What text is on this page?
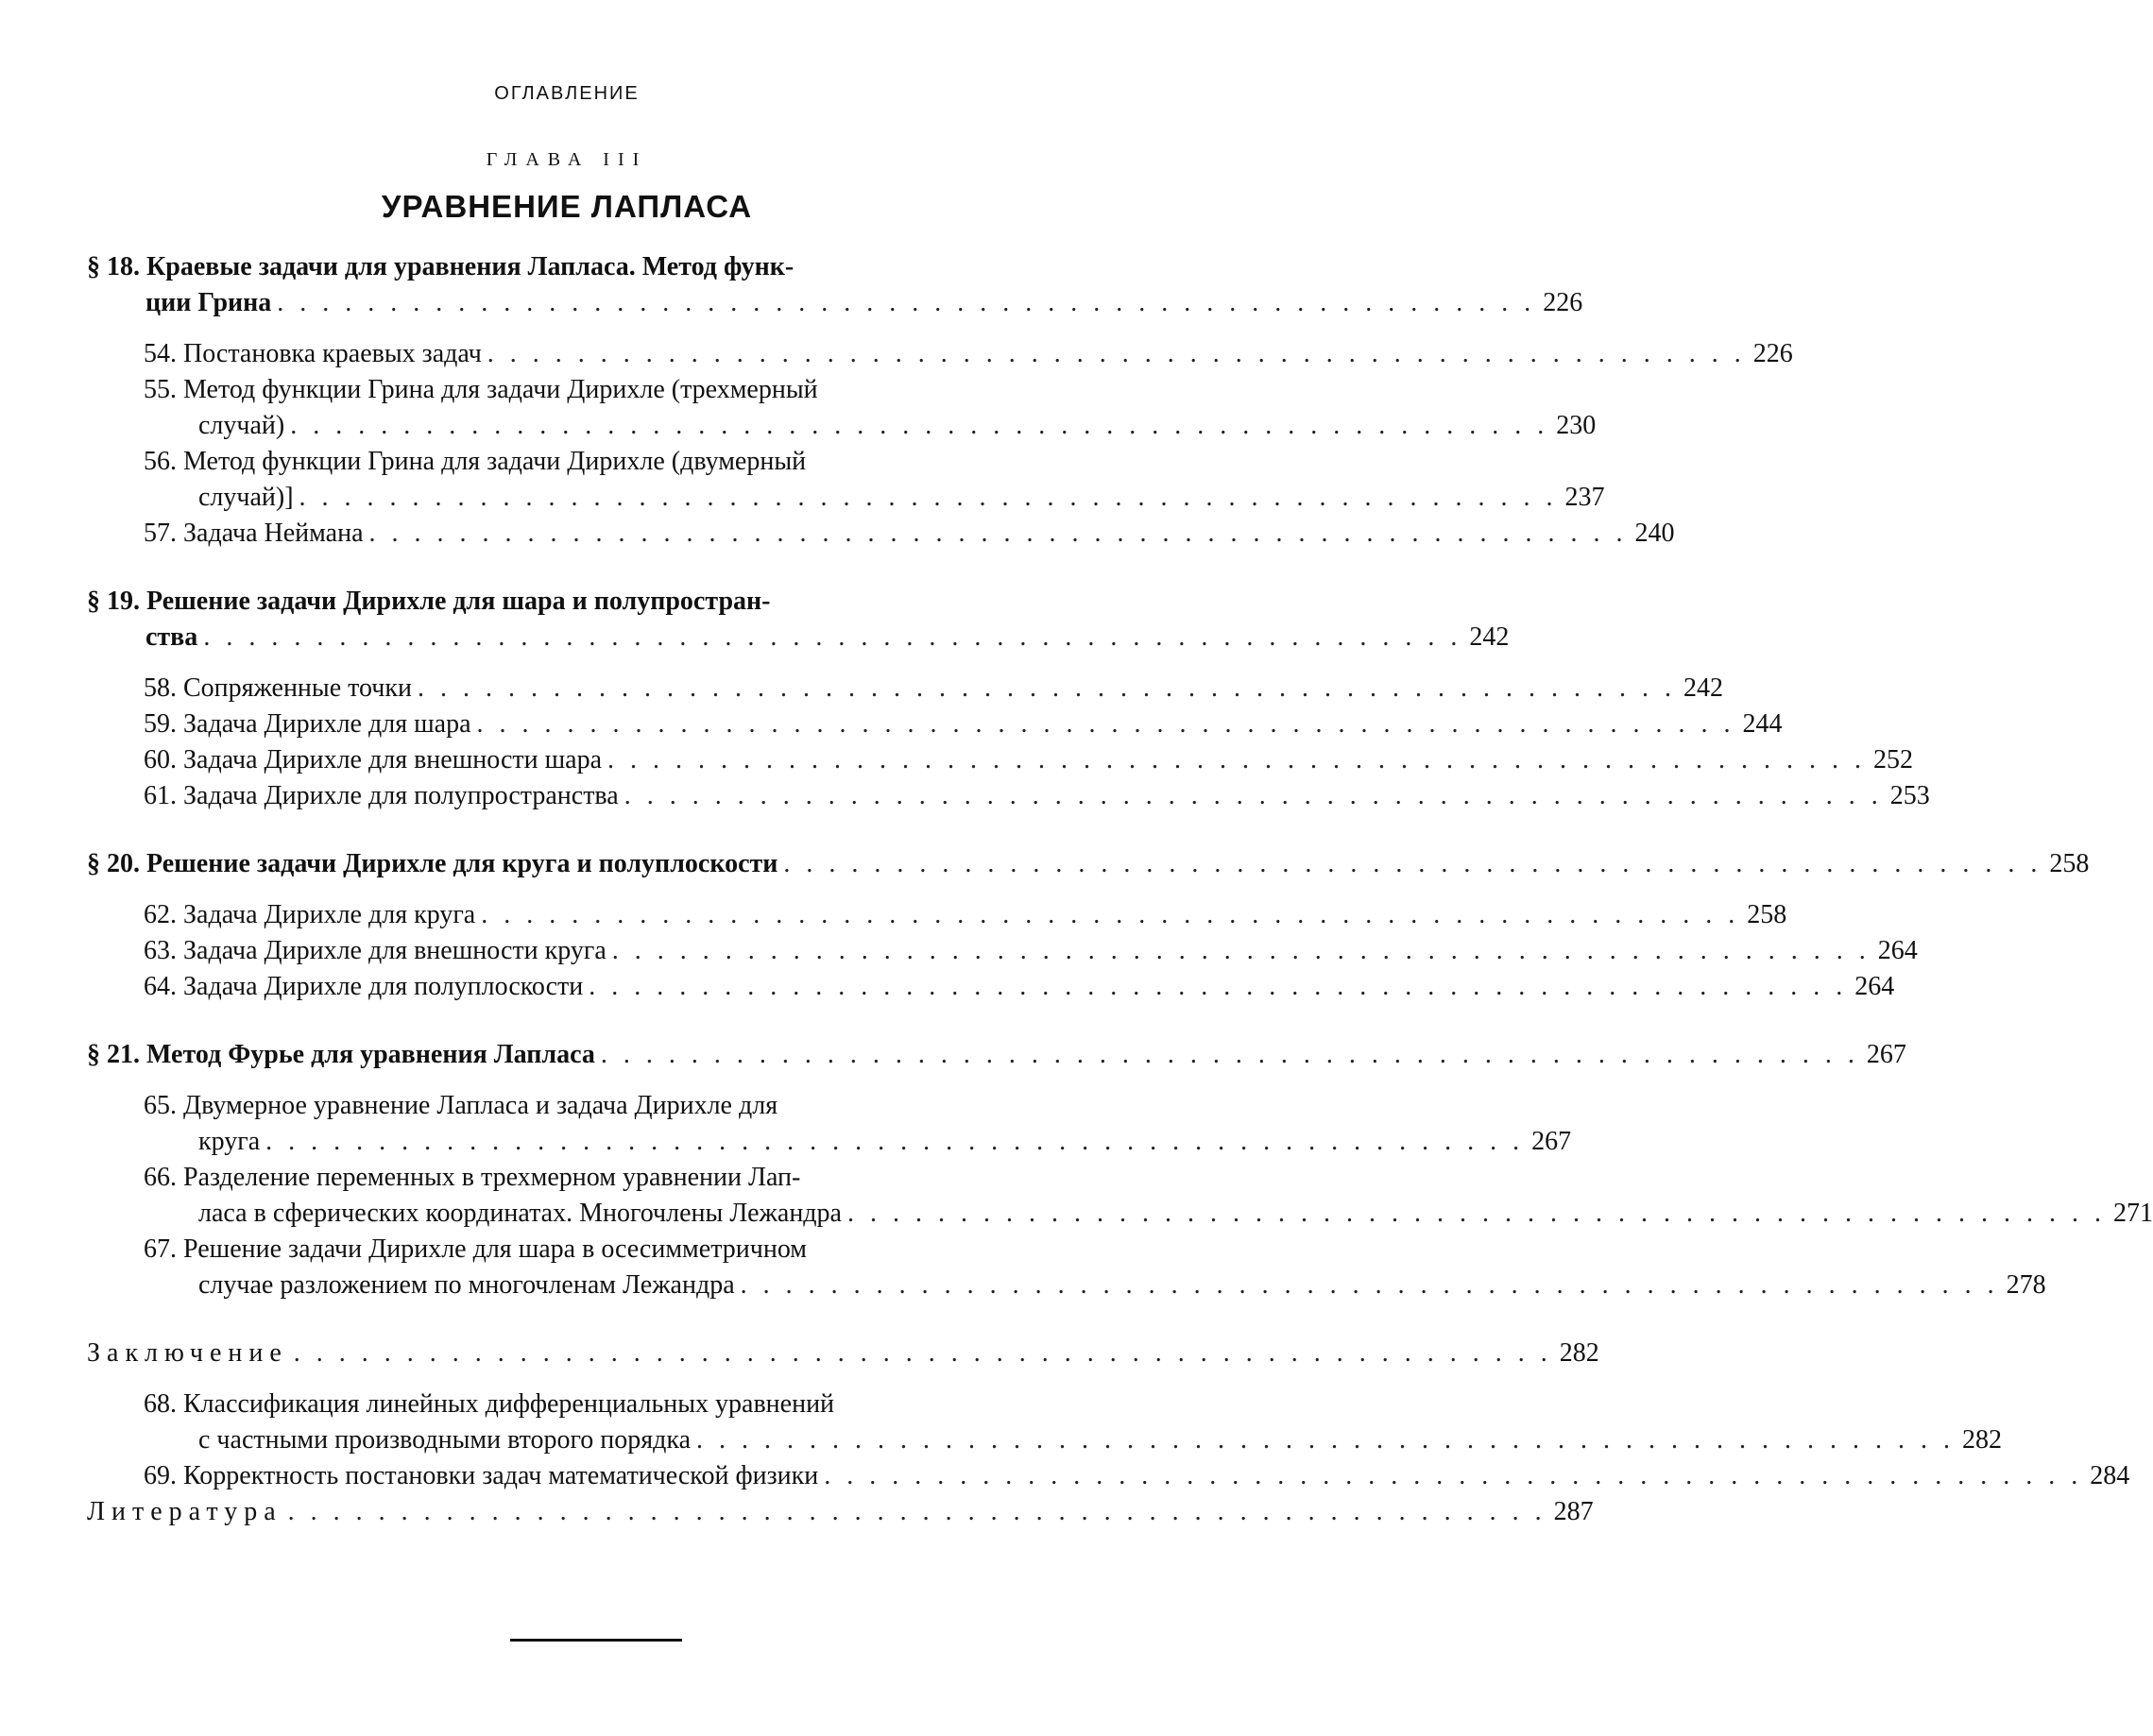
ОГЛАВЛЕНИЕ
ГЛАВА III
УРАВНЕНИЕ ЛАПЛАСА
§ 18. Краевые задачи для уравнения Лапласа. Метод функ-
ции Грина . . . . . . . . . . . . . . . . . . . . . . . . . . . . . . . . . . . . . . . . . . . . . . . . . . . . . . . . 226
54. Постановка краевых задач . . . . . . . . . . . . . . . . . . . . . . . . . . . . . . . . . . . . . . . . . . . . . . . . . . . . . . . . 226
55. Метод функции Грина для задачи Дирихле (трехмерный
случай) . . . . . . . . . . . . . . . . . . . . . . . . . . . . . . . . . . . . . . . . . . . . . . . . . . . . . . . . 230
56. Метод функции Грина для задачи Дирихле (двумерный
случай)] . . . . . . . . . . . . . . . . . . . . . . . . . . . . . . . . . . . . . . . . . . . . . . . . . . . . . . . . 237
57. Задача Неймана . . . . . . . . . . . . . . . . . . . . . . . . . . . . . . . . . . . . . . . . . . . . . . . . . . . . . . . . 240
§ 19. Решение задачи Дирихле для шара и полупростран-
ства . . . . . . . . . . . . . . . . . . . . . . . . . . . . . . . . . . . . . . . . . . . . . . . . . . . . . . . . 242
58. Сопряженные точки . . . . . . . . . . . . . . . . . . . . . . . . . . . . . . . . . . . . . . . . . . . . . . . . . . . . . . . . 242
59. Задача Дирихле для шара . . . . . . . . . . . . . . . . . . . . . . . . . . . . . . . . . . . . . . . . . . . . . . . . . . . . . . . . 244
60. Задача Дирихле для внешности шара . . . . . . . . . . . . . . . . . . . . . . . . . . . . . . . . . . . . . . . . . . . . . . . . . . . . . . . . 252
61. Задача Дирихле для полупространства . . . . . . . . . . . . . . . . . . . . . . . . . . . . . . . . . . . . . . . . . . . . . . . . . . . . . . . . 253
§ 20. Решение задачи Дирихле для круга и полуплоскости . . . . . . . . . . . . . . . . . . . . . . . . . . . . . . . . . . . . . . . . . . . . . . . . . . . . . . . . 258
62. Задача Дирихле для круга . . . . . . . . . . . . . . . . . . . . . . . . . . . . . . . . . . . . . . . . . . . . . . . . . . . . . . . . 258
63. Задача Дирихле для внешности круга . . . . . . . . . . . . . . . . . . . . . . . . . . . . . . . . . . . . . . . . . . . . . . . . . . . . . . . . 264
64. Задача Дирихле для полуплоскости . . . . . . . . . . . . . . . . . . . . . . . . . . . . . . . . . . . . . . . . . . . . . . . . . . . . . . . . 264
§ 21. Метод Фурье для уравнения Лапласа . . . . . . . . . . . . . . . . . . . . . . . . . . . . . . . . . . . . . . . . . . . . . . . . . . . . . . . . 267
65. Двумерное уравнение Лапласа и задача Дирихле для
круга . . . . . . . . . . . . . . . . . . . . . . . . . . . . . . . . . . . . . . . . . . . . . . . . . . . . . . . . 267
66. Разделение переменных в трехмерном уравнении Лап-
ласа в сферических координатах. Многочлены Лежандра . . . . . . . . . . . . . . . . . . . . . . . . . . . . . . . . . . . . . . . . . . . . . . . . . . . . . . . . 271
67. Решение задачи Дирихле для шара в осесимметричном
случае разложением по многочленам Лежандра . . . . . . . . . . . . . . . . . . . . . . . . . . . . . . . . . . . . . . . . . . . . . . . . . . . . . . . . 278
Заключение . . . . . . . . . . . . . . . . . . . . . . . . . . . . . . . . . . . . . . . . . . . . . . . . . . . . . . . . 282
68. Классификация линейных дифференциальных уравнений
с частными производными второго порядка . . . . . . . . . . . . . . . . . . . . . . . . . . . . . . . . . . . . . . . . . . . . . . . . . . . . . . . . 282
69. Корректность постановки задач математической физики . . . . . . . . . . . . . . . . . . . . . . . . . . . . . . . . . . . . . . . . . . . . . . . . . . . . . . . . 284
Литература . . . . . . . . . . . . . . . . . . . . . . . . . . . . . . . . . . . . . . . . . . . . . . . . . . . . . . . . 287
